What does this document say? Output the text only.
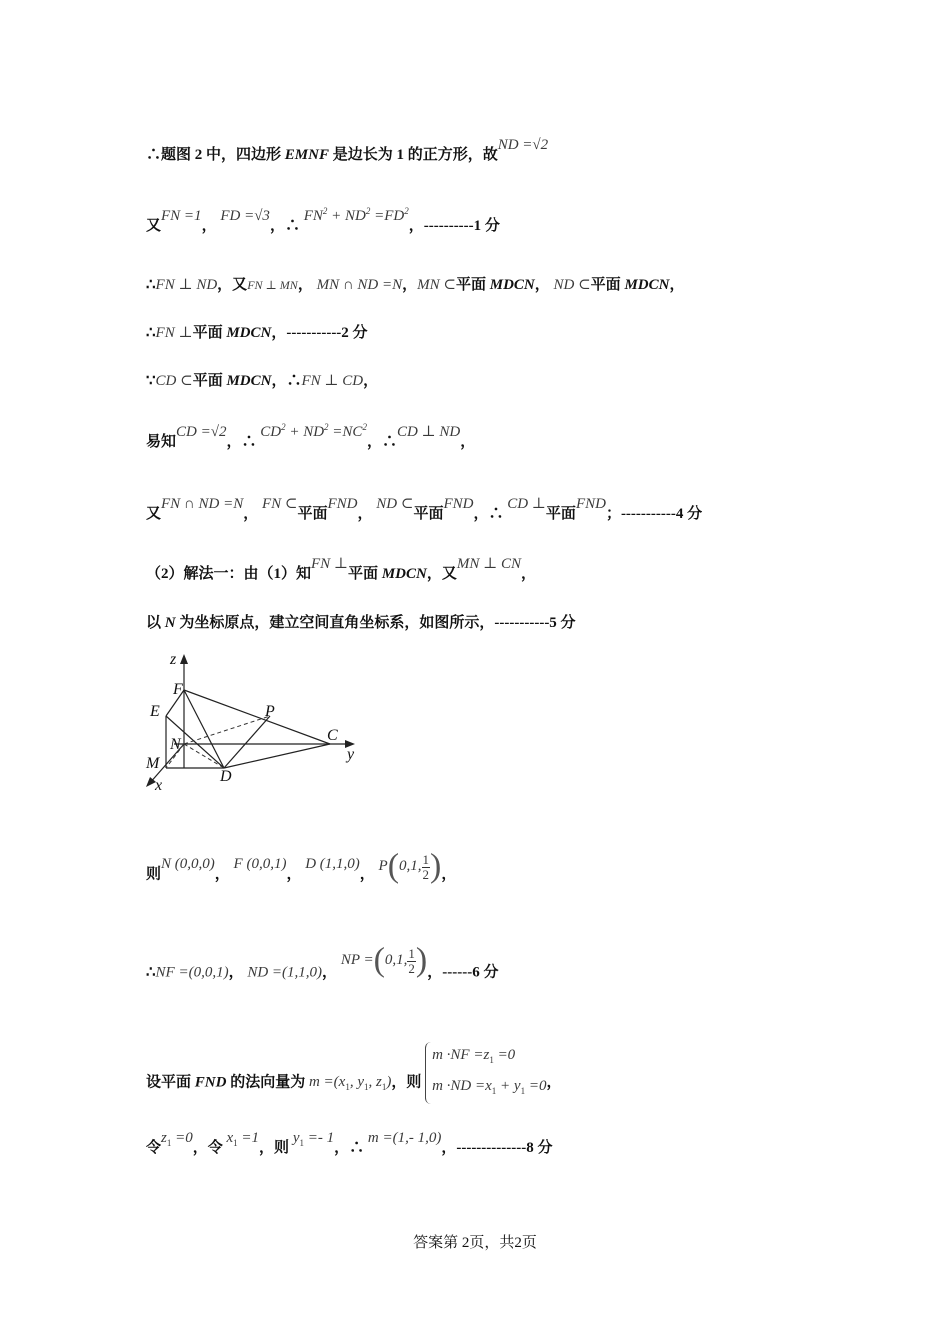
∴题图 2 中，四边形 EMNF 是边长为 1 的正方形，故ND =√2
又FN =1， FD =√3，∴ $FN^2 + ND^2 =FD^2$，----------1 分
∴FN ⊥ ND，又FN ⊥ MN， MN ∩ ND =N，MN ⊂平面 MDCN， ND ⊂平面 MDCN，
∴FN ⊥平面 MDCN，-----------2 分
∵CD ⊂平面 MDCN，∴FN ⊥ CD，
易知CD =√2，∴ $CD^2 + ND^2 =NC^2$，∴CD ⊥ ND，
又FN ∩ ND =N， FN ⊂平面FND， ND ⊂平面FND，∴ CD ⊥平面FND；-----------4 分
（2）解法一：由（1）知FN ⊥平面 MDCN，又MN ⊥ CN，
以 N 为坐标原点，建立空间直角坐标系，如图所示，-----------5 分
z
F
E
N
M
D
P
C
y
x
则N (0,0,0)， F (0,0,1)， D (1,1,0)， P(0,1, $\frac{1}{2}$ )，
∴NF =(0,0,1)， ND =(1,1,0)， NP =(0,1, $\frac{1}{2}$ )，------6 分
设平面 FND 的法向量为 $m =(x_1$, $y_1$, $z_1$)，则
$m \cdot NF =z_1 =0$
$m \cdot ND =x_1 + y_1 =0$ ，
令$z_1 =0$，令 $x_1 =1$，则 $y_1 =- 1$，∴ m =(1,- 1,0)，--------------8 分
答案第 2页，共2页
